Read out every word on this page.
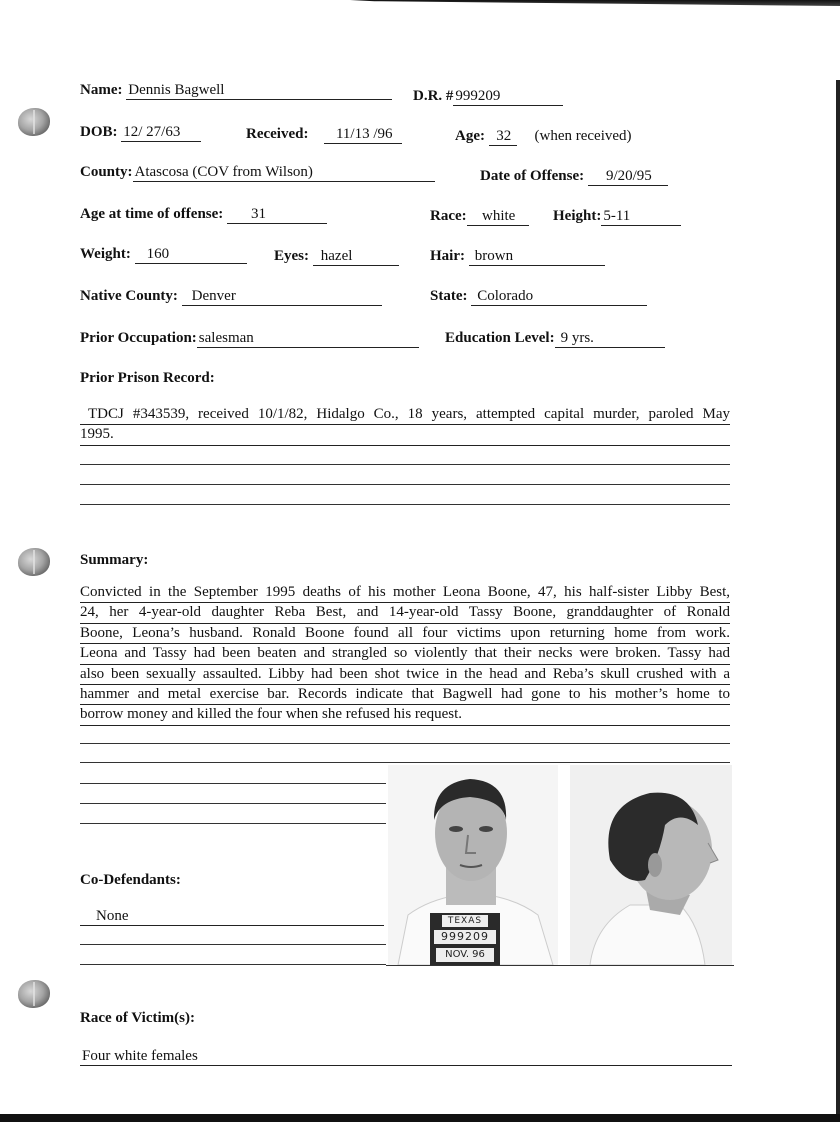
Name: Dennis Bagwell	D.R. # 999209
DOB: 12/ 27/63	Received: 11/13 /96	Age: 32 (when received)
County: Atascosa (COV from Wilson)	Date of Offense: 9/20/95
Age at time of offense: 31	Race: white	Height: 5-11
Weight: 160	Eyes: hazel	Hair: brown
Native County: Denver	State: Colorado
Prior Occupation: salesman	Education Level: 9 yrs.
Prior Prison Record:
TDCJ #343539, received 10/1/82, Hidalgo Co., 18 years, attempted capital murder, paroled May
1995.
Summary:
Convicted in the September 1995 deaths of his mother Leona Boone, 47, his half-sister Libby Best,
24, her 4-year-old daughter Reba Best, and 14-year-old Tassy Boone, granddaughter of Ronald
Boone, Leona’s husband. Ronald Boone found all four victims upon returning home from work.
Leona and Tassy had been beaten and strangled so violently that their necks were broken. Tassy had
also been sexually assaulted. Libby had been shot twice in the head and Reba’s skull crushed with a
hammer and metal exercise bar. Records indicate that Bagwell had gone to his mother’s home to
borrow money and killed the four when she refused his request.
TEXAS
999209
NOV. 96
Co-Defendants:
None
Race of Victim(s):
Four white females
